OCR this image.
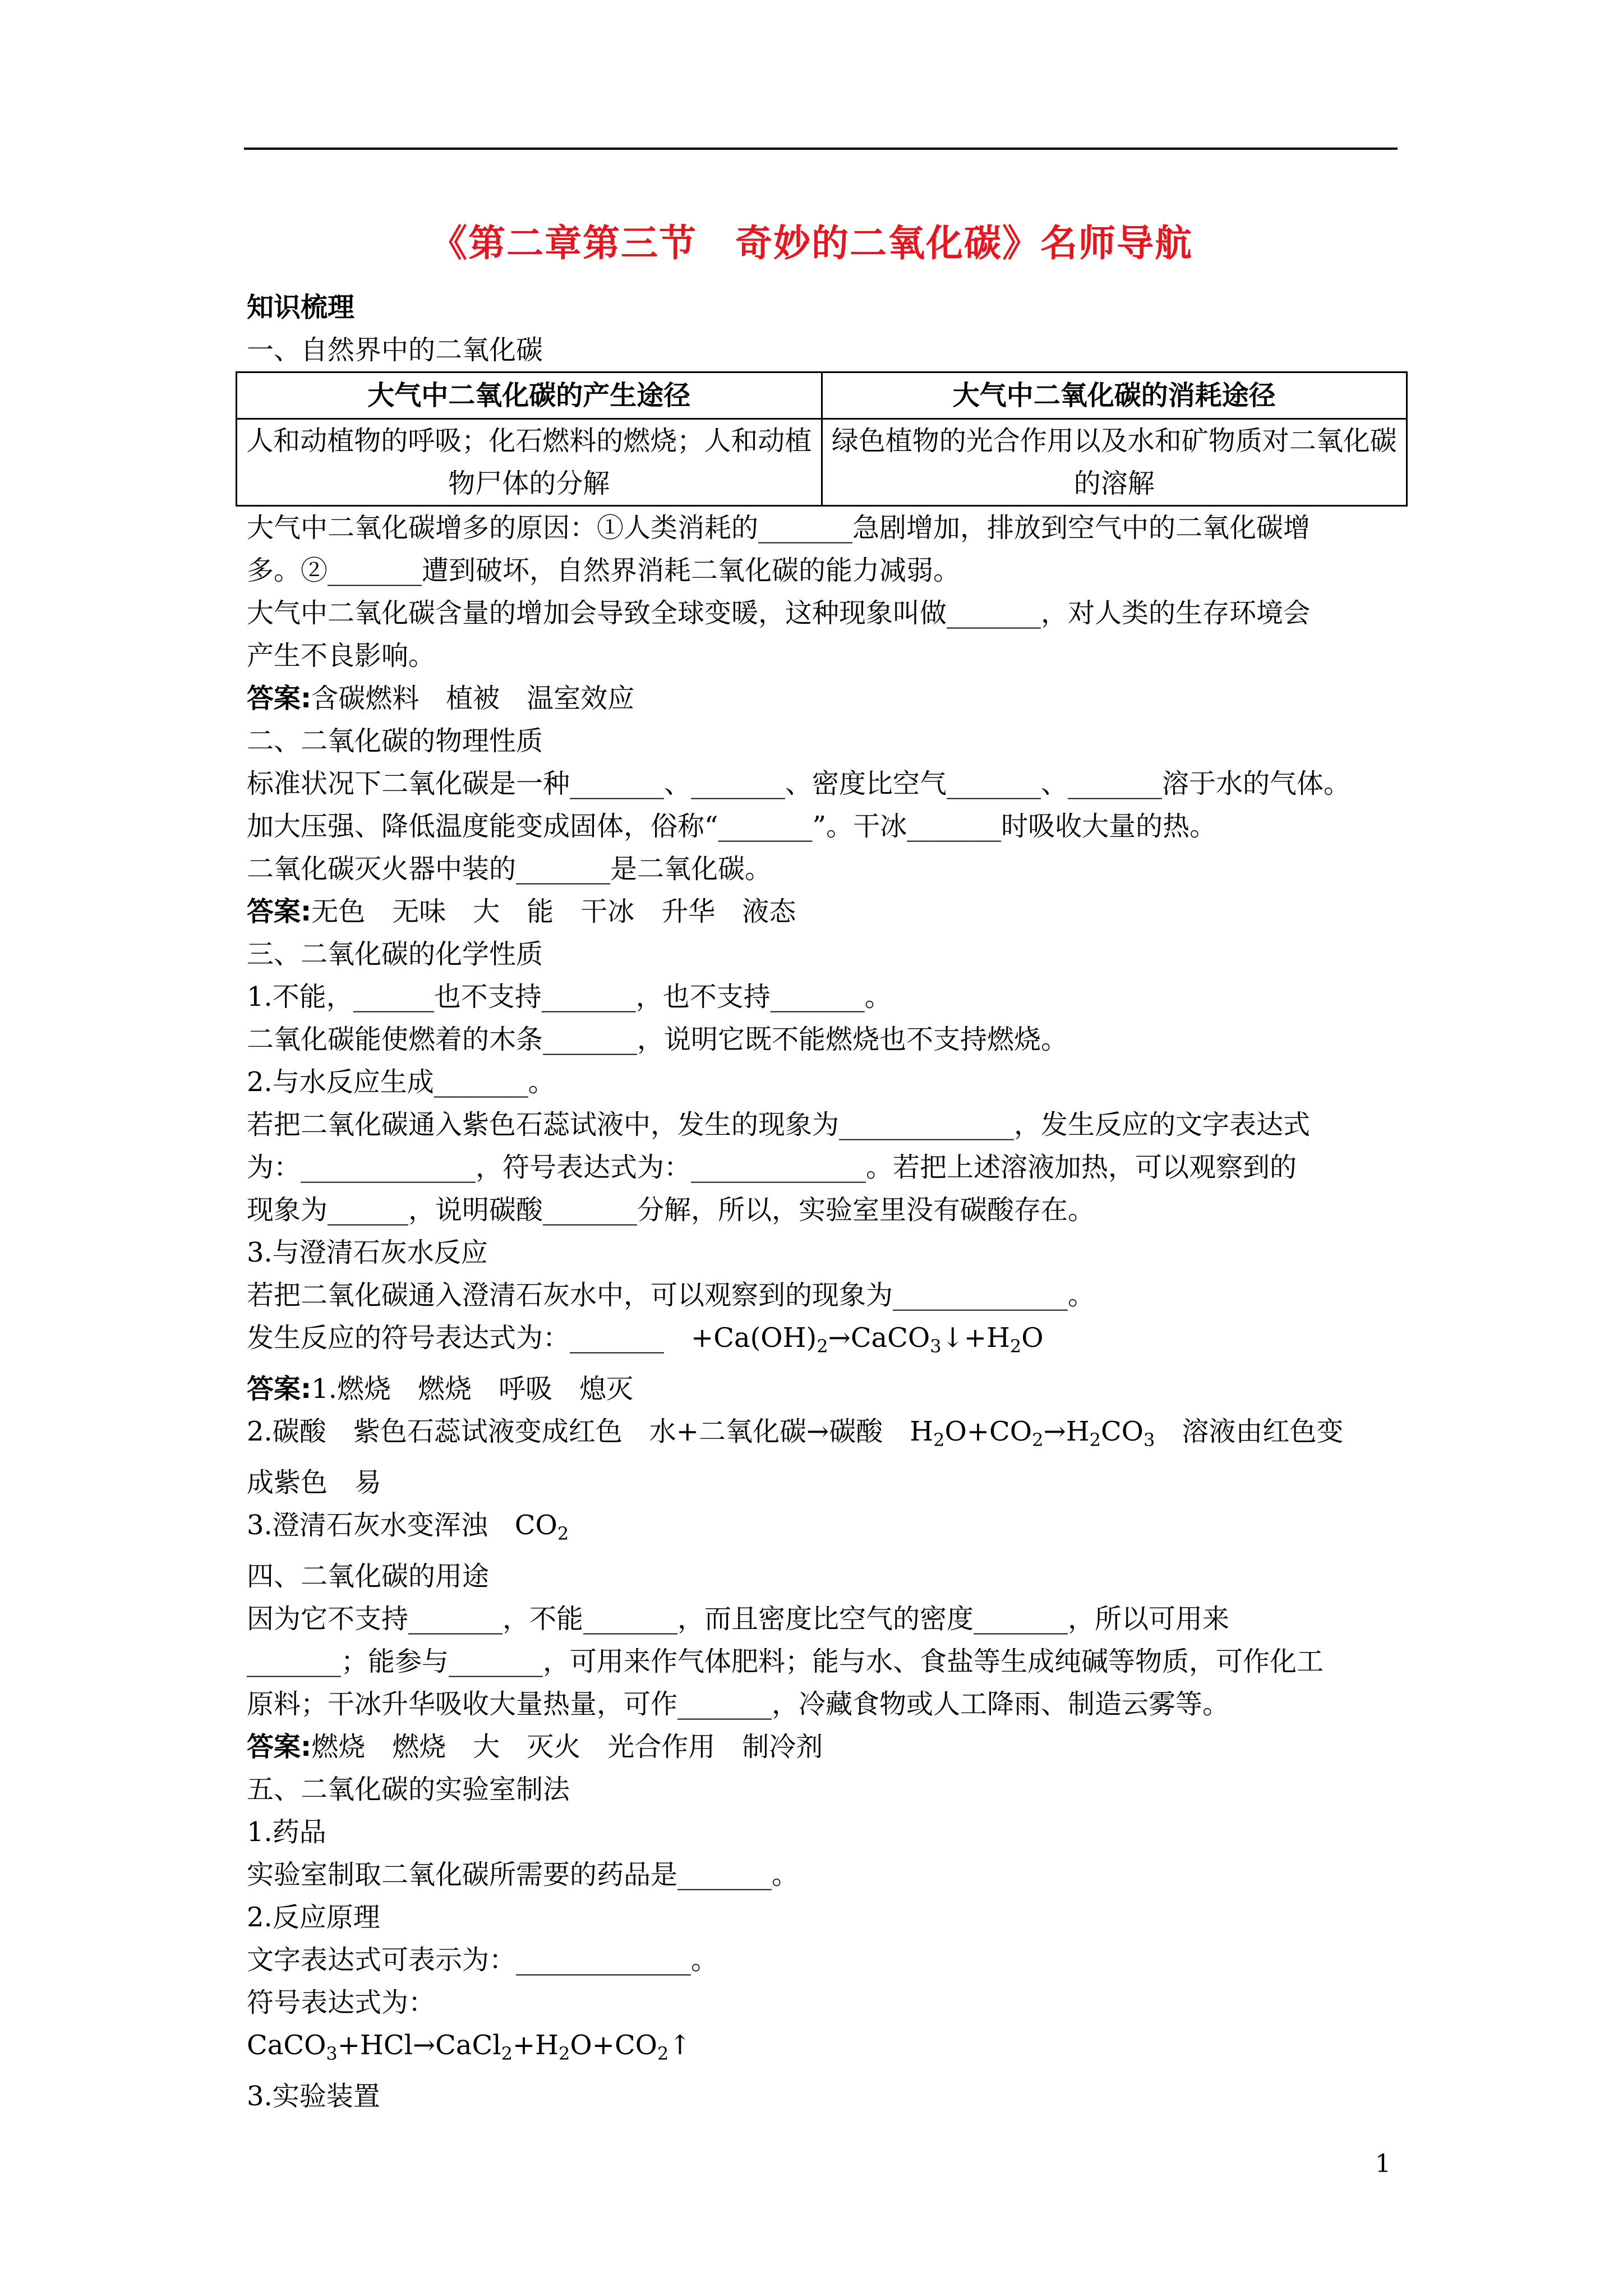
《第二章第三节　奇妙的二氧化碳》名师导航
知识梳理
一、自然界中的二氧化碳
大气中二氧化碳的产生途径	大气中二氧化碳的消耗途径
人和动植物的呼吸；化石燃料的燃烧；人和动植物尸体的分解	绿色植物的光合作用以及水和矿物质对二氧化碳的溶解
大气中二氧化碳增多的原因：①人类消耗的_______急剧增加，排放到空气中的二氧化碳增
多。②_______遭到破坏，自然界消耗二氧化碳的能力减弱。
大气中二氧化碳含量的增加会导致全球变暖，这种现象叫做_______，对人类的生存环境会
产生不良影响。
答案:含碳燃料　植被　温室效应
二、二氧化碳的物理性质
标准状况下二氧化碳是一种_______、_______、密度比空气_______、_______溶于水的气体。
加大压强、降低温度能变成固体，俗称“_______”。干冰_______时吸收大量的热。
二氧化碳灭火器中装的_______是二氧化碳。
答案:无色　无味　大　能　干冰　升华　液态
三、二氧化碳的化学性质
1.不能，______也不支持_______，也不支持_______。
二氧化碳能使燃着的木条_______，说明它既不能燃烧也不支持燃烧。
2.与水反应生成_______。
若把二氧化碳通入紫色石蕊试液中，发生的现象为_____________，发生反应的文字表达式
为：_____________，符号表达式为：_____________。若把上述溶液加热，可以观察到的
现象为______，说明碳酸_______分解，所以，实验室里没有碳酸存在。
3.与澄清石灰水反应
若把二氧化碳通入澄清石灰水中，可以观察到的现象为_____________。
发生反应的符号表达式为：_______　$+Ca(OH)_2\to CaCO_3↓+H_2O$
答案:1.燃烧　燃烧　呼吸　熄灭
2.碳酸　紫色石蕊试液变成红色　水+二氧化碳→碳酸　$H_2O+CO_2\to H_2CO_3$　溶液由红色变
成紫色　易
3.澄清石灰水变浑浊　$CO_2$
四、二氧化碳的用途
因为它不支持_______，不能_______，而且密度比空气的密度_______，所以可用来
_______；能参与_______，可用来作气体肥料；能与水、食盐等生成纯碱等物质，可作化工
原料；干冰升华吸收大量热量，可作_______，冷藏食物或人工降雨、制造云雾等。
答案:燃烧　燃烧　大　灭火　光合作用　制冷剂
五、二氧化碳的实验室制法
1.药品
实验室制取二氧化碳所需要的药品是_______。
2.反应原理
文字表达式可表示为：_____________。
符号表达式为：
$CaCO_3+HCl\to CaCl_2+H_2O+CO_2↑$
3.实验装置
1
